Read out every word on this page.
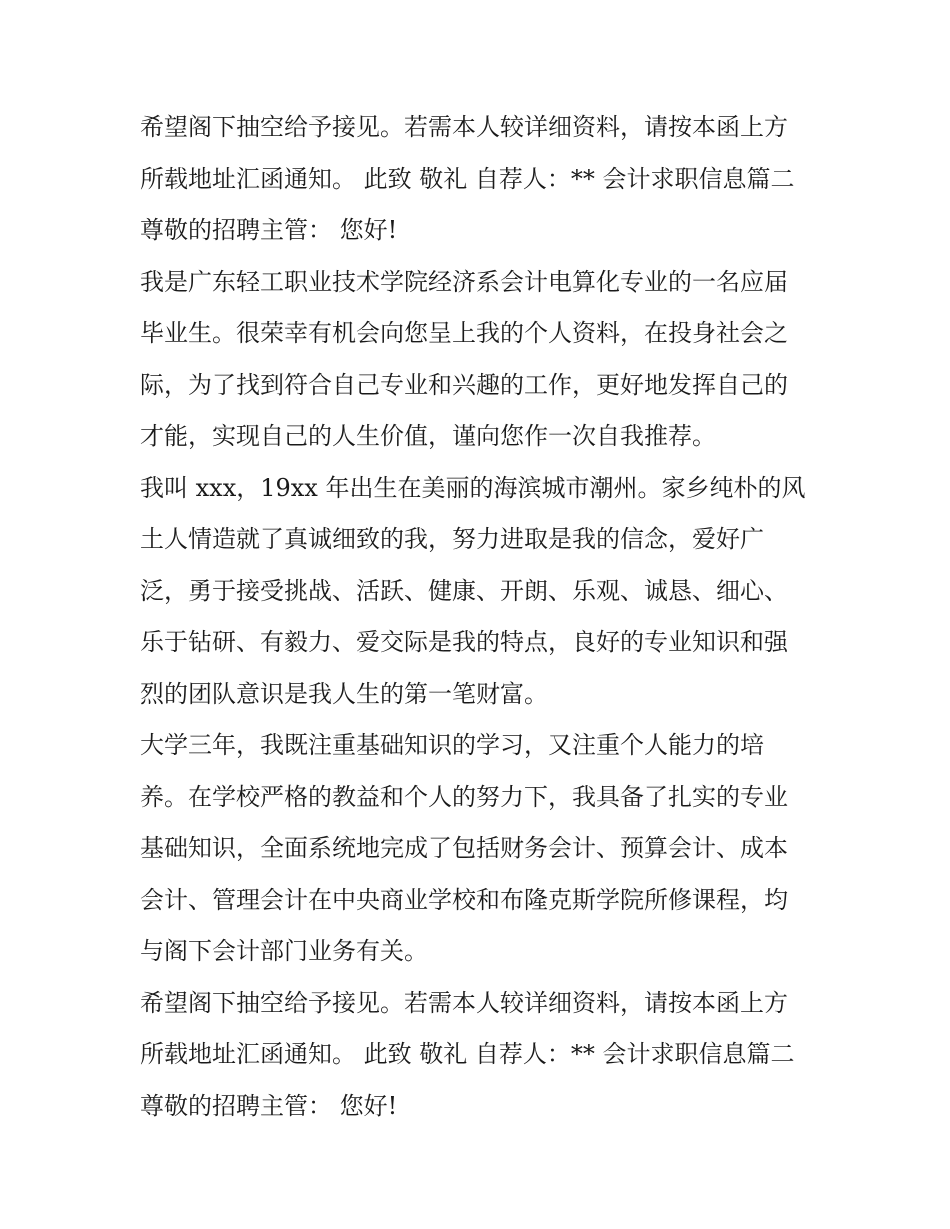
希望阁下抽空给予接见。若需本人较详细资料，请按本函上方
所载地址汇函通知。 此致 敬礼 自荐人：** 会计求职信息篇二
尊敬的招聘主管： 您好!
我是广东轻工职业技术学院经济系会计电算化专业的一名应届
毕业生。很荣幸有机会向您呈上我的个人资料，在投身社会之
际，为了找到符合自己专业和兴趣的工作，更好地发挥自己的
才能，实现自己的人生价值，谨向您作一次自我推荐。
我叫 xxx，19xx 年出生在美丽的海滨城市潮州。家乡纯朴的风
土人情造就了真诚细致的我，努力进取是我的信念，爱好广
泛，勇于接受挑战、活跃、健康、开朗、乐观、诚恳、细心、
乐于钻研、有毅力、爱交际是我的特点，良好的专业知识和强
烈的团队意识是我人生的第一笔财富。
大学三年，我既注重基础知识的学习，又注重个人能力的培
养。在学校严格的教益和个人的努力下，我具备了扎实的专业
基础知识，全面系统地完成了包括财务会计、预算会计、成本
会计、管理会计在中央商业学校和布隆克斯学院所修课程，均
与阁下会计部门业务有关。
希望阁下抽空给予接见。若需本人较详细资料，请按本函上方
所载地址汇函通知。 此致 敬礼 自荐人：** 会计求职信息篇二
尊敬的招聘主管： 您好!
